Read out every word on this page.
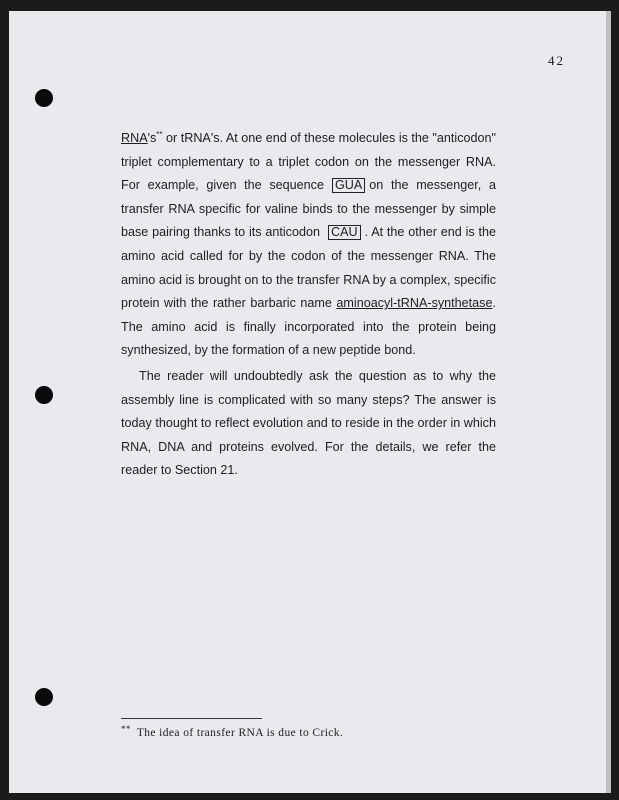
42

RNA's** or tRNA's. At one end of these molecules is the "anticodon" triplet complementary to a triplet codon on the messenger RNA. For example, given the sequence GUA on the messenger, a transfer RNA specific for valine binds to the messenger by simple base pairing thanks to its anticodon CAU . At the other end is the amino acid called for by the codon of the messenger RNA. The amino acid is brought on to the transfer RNA by a complex, specific protein with the rather barbaric name aminoacyl-tRNA-synthetase. The amino acid is finally incorporated into the protein being synthesized, by the formation of a new peptide bond.

The reader will undoubtedly ask the question as to why the assembly line is complicated with so many steps? The answer is today thought to reflect evolution and to reside in the order in which RNA, DNA and proteins evolved. For the details, we refer the reader to Section 21.

** The idea of transfer RNA is due to Crick.
